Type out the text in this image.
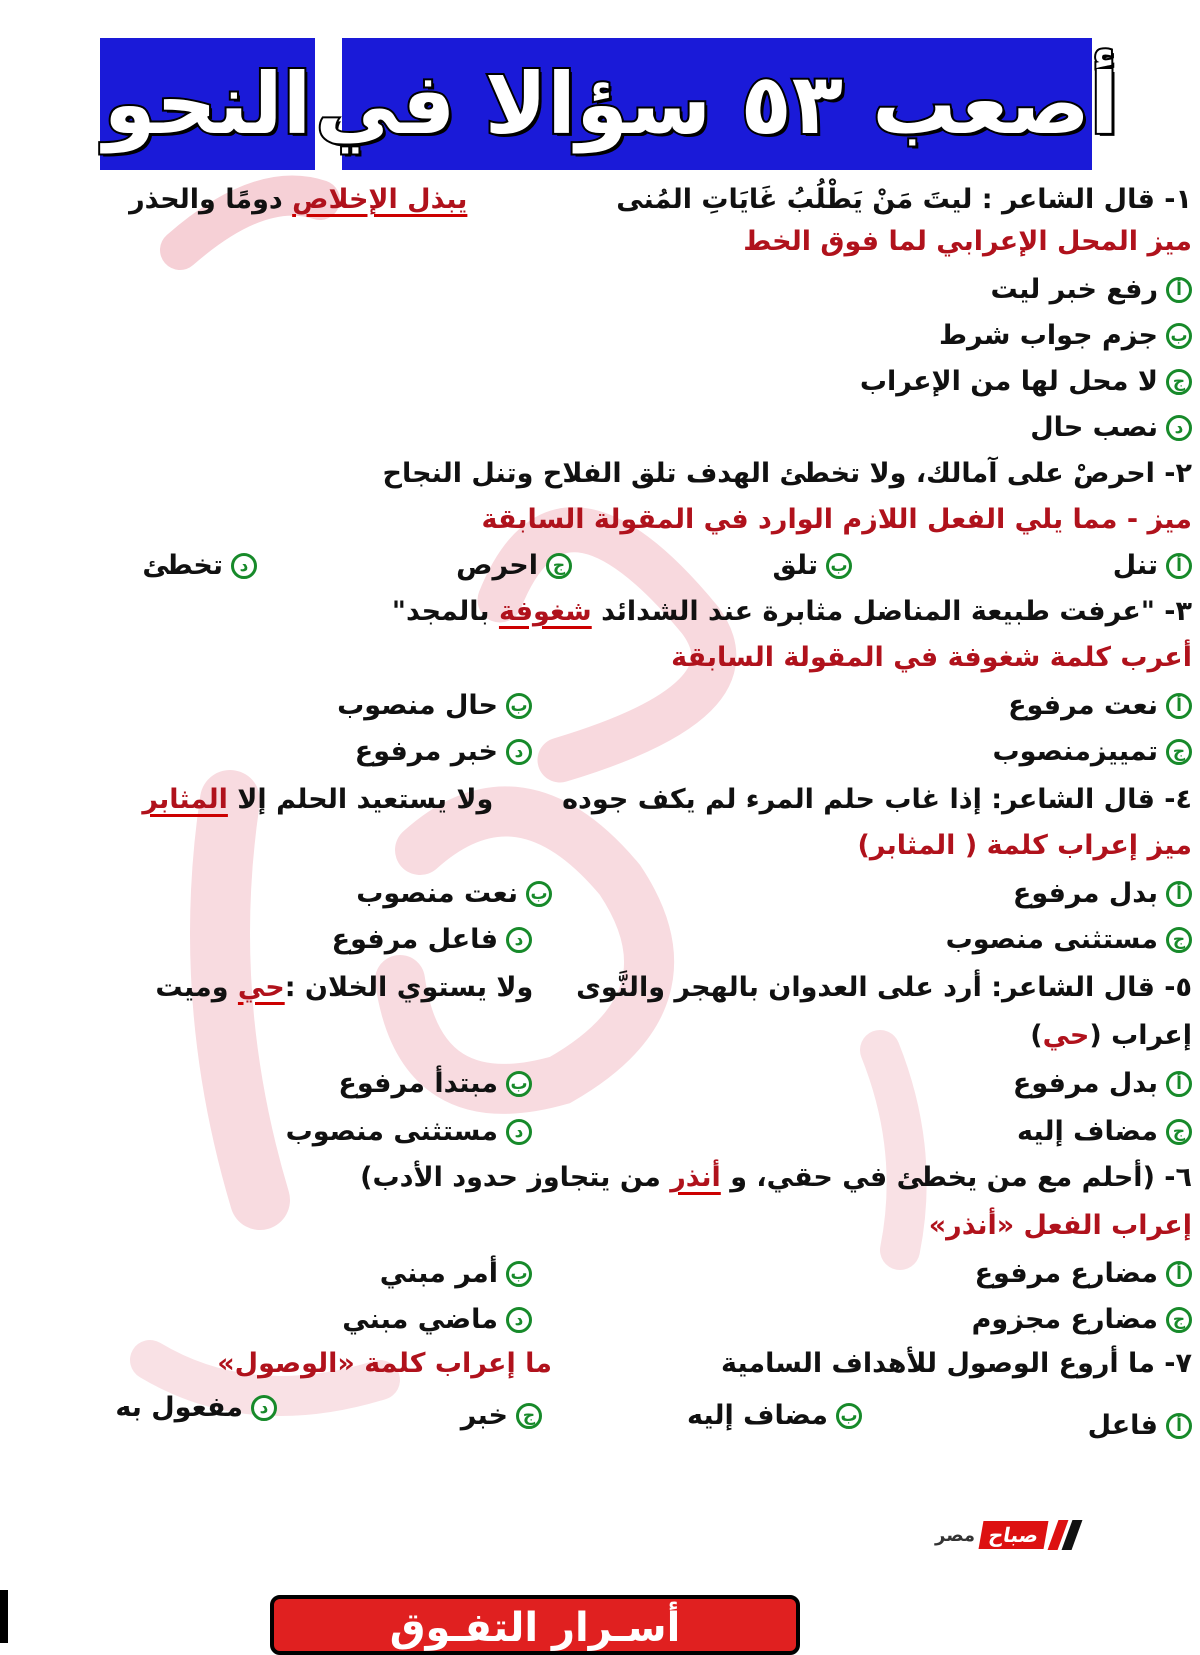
أصعب ٥٣ سؤالا في
النحو
١- قال الشاعر : ليتَ مَنْ يَطْلُبُ غَايَاتِ المُنى  يبذل الإخلاص دومًا والحذر
ميز المحل الإعرابي لما فوق الخط
أ
رفع خبر ليت
ب
جزم جواب شرط
ج
لا محل لها من الإعراب
د
نصب حال
٢- احرصْ على آمالك، ولا تخطئ الهدف تلق الفلاح وتنل النجاح
ميز - مما يلي الفعل اللازم الوارد في المقولة السابقة
أ
تنل
ب
تلق
ج
احرص
د
تخطئ
٣- "عرفت طبيعة المناضل مثابرة عند الشدائد شغوفة بالمجد"
أعرب كلمة شغوفة في المقولة السابقة
أ
نعت مرفوع
ب
حال منصوب
ج
تمييزمنصوب
د
خبر مرفوع
٤- قال الشاعر: إذا غاب حلم المرء لم يكف جوده  ولا يستعيد الحلم إلا المثابر
ميز إعراب كلمة ( المثابر)
أ
بدل مرفوع
ب
نعت منصوب
ج
مستثنى منصوب
د
فاعل مرفوع
٥- قال الشاعر: أرد على العدوان بالهجر والنَّوى  ولا يستوي الخلان :حي وميت
إعراب (حي)
أ
بدل مرفوع
ب
مبتدأ مرفوع
ج
مضاف إليه
د
مستثنى منصوب
٦- (أحلم مع من يخطئ في حقي، و أنذر من يتجاوز حدود الأدب)
إعراب الفعل «أنذر»
أ
مضارع مرفوع
ب
أمر مبني
ج
مضارع مجزوم
د
ماضي مبني
٧- ما أروع الوصول للأهداف السامية
ما إعراب كلمة «الوصول»
أ
فاعل
ب
مضاف إليه
ج
خبر
د
مفعول به
مصر صباح
أسـرار التفـوق
